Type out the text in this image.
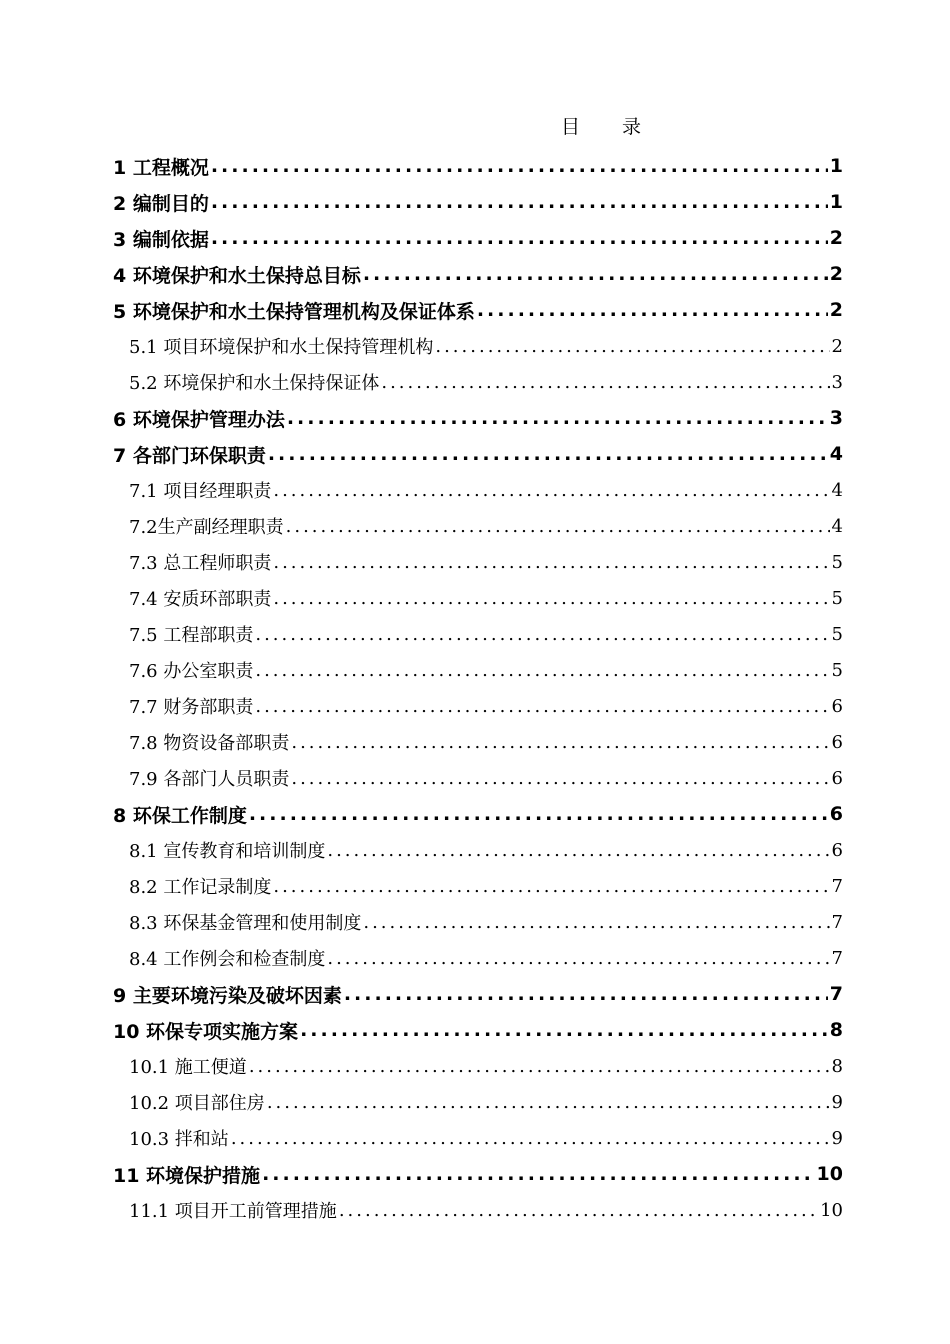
目 录
1 工程概况 .....	1
2 编制目的 .....	1
3 编制依据 .....	2
4 环境保护和水土保持总目标 .....	2
5 环境保护和水土保持管理机构及保证体系 .....	2
5.1 项目环境保护和水土保持管理机构 .....	2
5.2 环境保护和水土保持保证体 .....	3
6 环境保护管理办法 .....	3
7 各部门环保职责 .....	4
7.1 项目经理职责 .....	4
7.2生产副经理职责 .....	4
7.3 总工程师职责 .....	5
7.4 安质环部职责 .....	5
7.5 工程部职责 .....	5
7.6 办公室职责 .....	5
7.7 财务部职责 .....	6
7.8 物资设备部职责 .....	6
7.9 各部门人员职责 .....	6
8 环保工作制度 .....	6
8.1 宣传教育和培训制度 .....	6
8.2 工作记录制度 .....	7
8.3 环保基金管理和使用制度 .....	7
8.4 工作例会和检查制度 .....	7
9 主要环境污染及破坏因素 .....	7
10 环保专项实施方案 .....	8
10.1 施工便道 .....	8
10.2 项目部住房 .....	9
10.3 拌和站 .....	9
11 环境保护措施 .....	10
11.1 项目开工前管理措施 .....	10
